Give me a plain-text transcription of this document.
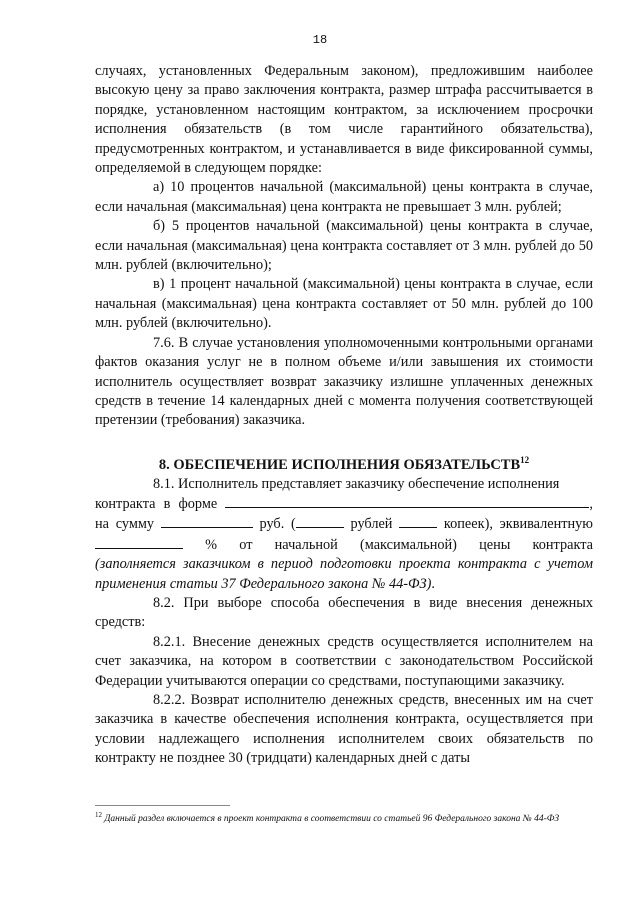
18

случаях, установленных Федеральным законом), предложившим наиболее высокую цену за право заключения контракта, размер штрафа рассчитывается в порядке, установленном настоящим контрактом, за исключением просрочки исполнения обязательств (в том числе гарантийного обязательства), предусмотренных контрактом, и устанавливается в виде фиксированной суммы, определяемой в следующем порядке:

а) 10 процентов начальной (максимальной) цены контракта в случае, если начальная (максимальная) цена контракта не превышает 3 млн. рублей;

б) 5 процентов начальной (максимальной) цены контракта в случае, если начальная (максимальная) цена контракта составляет от 3 млн. рублей до 50 млн. рублей (включительно);

в) 1 процент начальной (максимальной) цены контракта в случае, если начальная (максимальная) цена контракта составляет от 50 млн. рублей до 100 млн. рублей (включительно).

7.6. В случае установления уполномоченными контрольными органами фактов оказания услуг не в полном объеме и/или завышения их стоимости исполнитель осуществляет возврат заказчику излишне уплаченных денежных средств в течение 14 календарных дней с момента получения соответствующей претензии (требования) заказчика.

8. ОБЕСПЕЧЕНИЕ ИСПОЛНЕНИЯ ОБЯЗАТЕЛЬСТВ$^{12}$

8.1. Исполнитель представляет заказчику обеспечение исполнения

контракта в форме	,

на сумму	руб. (	рублей	копеек), эквивалентную

% от начальной (максимальной) цены контракта

(заполняется заказчиком в период подготовки проекта контракта с учетом применения статьи 37 Федерального закона № 44-ФЗ).

8.2. При выборе способа обеспечения в виде внесения денежных средств:

8.2.1. Внесение денежных средств осуществляется исполнителем на счет заказчика, на котором в соответствии с законодательством Российской Федерации учитываются операции со средствами, поступающими заказчику.

8.2.2. Возврат исполнителю денежных средств, внесенных им на счет заказчика в качестве обеспечения исполнения контракта, осуществляется при условии надлежащего исполнения исполнителем своих обязательств по контракту не позднее 30 (тридцати) календарных дней с даты

$^{12}$ Данный раздел включается в проект контракта в соответствии со статьей 96 Федерального закона № 44-ФЗ
